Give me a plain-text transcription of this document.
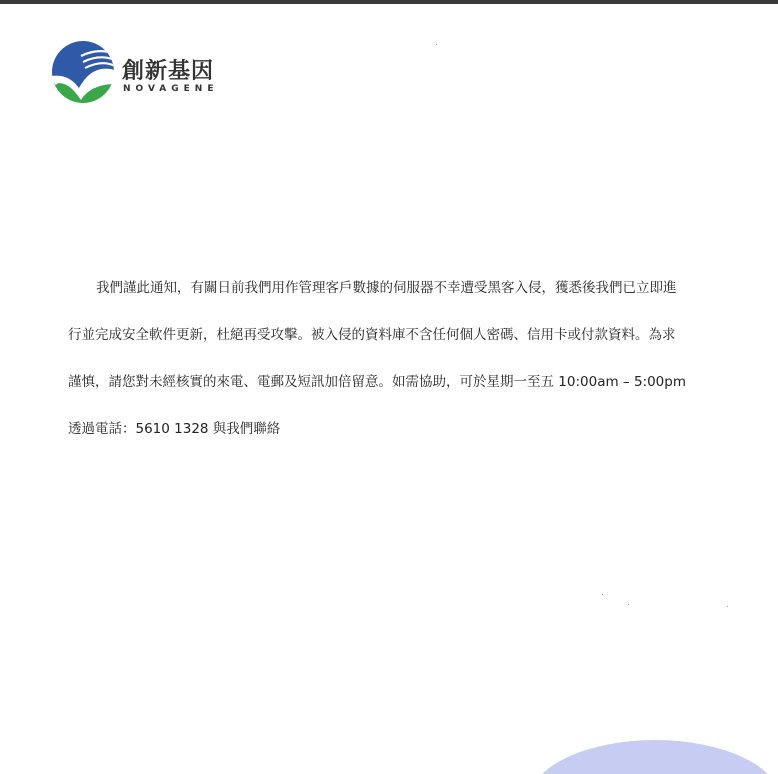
創新基因
NOVAGENE
我們謹此通知，有關日前我們用作管理客戶數據的伺服器不幸遭受黑客入侵，獲悉後我們已立即進
行並完成安全軟件更新，杜絕再受攻擊。被入侵的資料庫不含任何個人密碼、信用卡或付款資料。為求
謹慎，請您對未經核實的來電、電郵及短訊加倍留意。如需協助，可於星期一至五 10:00am – 5:00pm
透過電話：5610 1328 與我們聯絡
